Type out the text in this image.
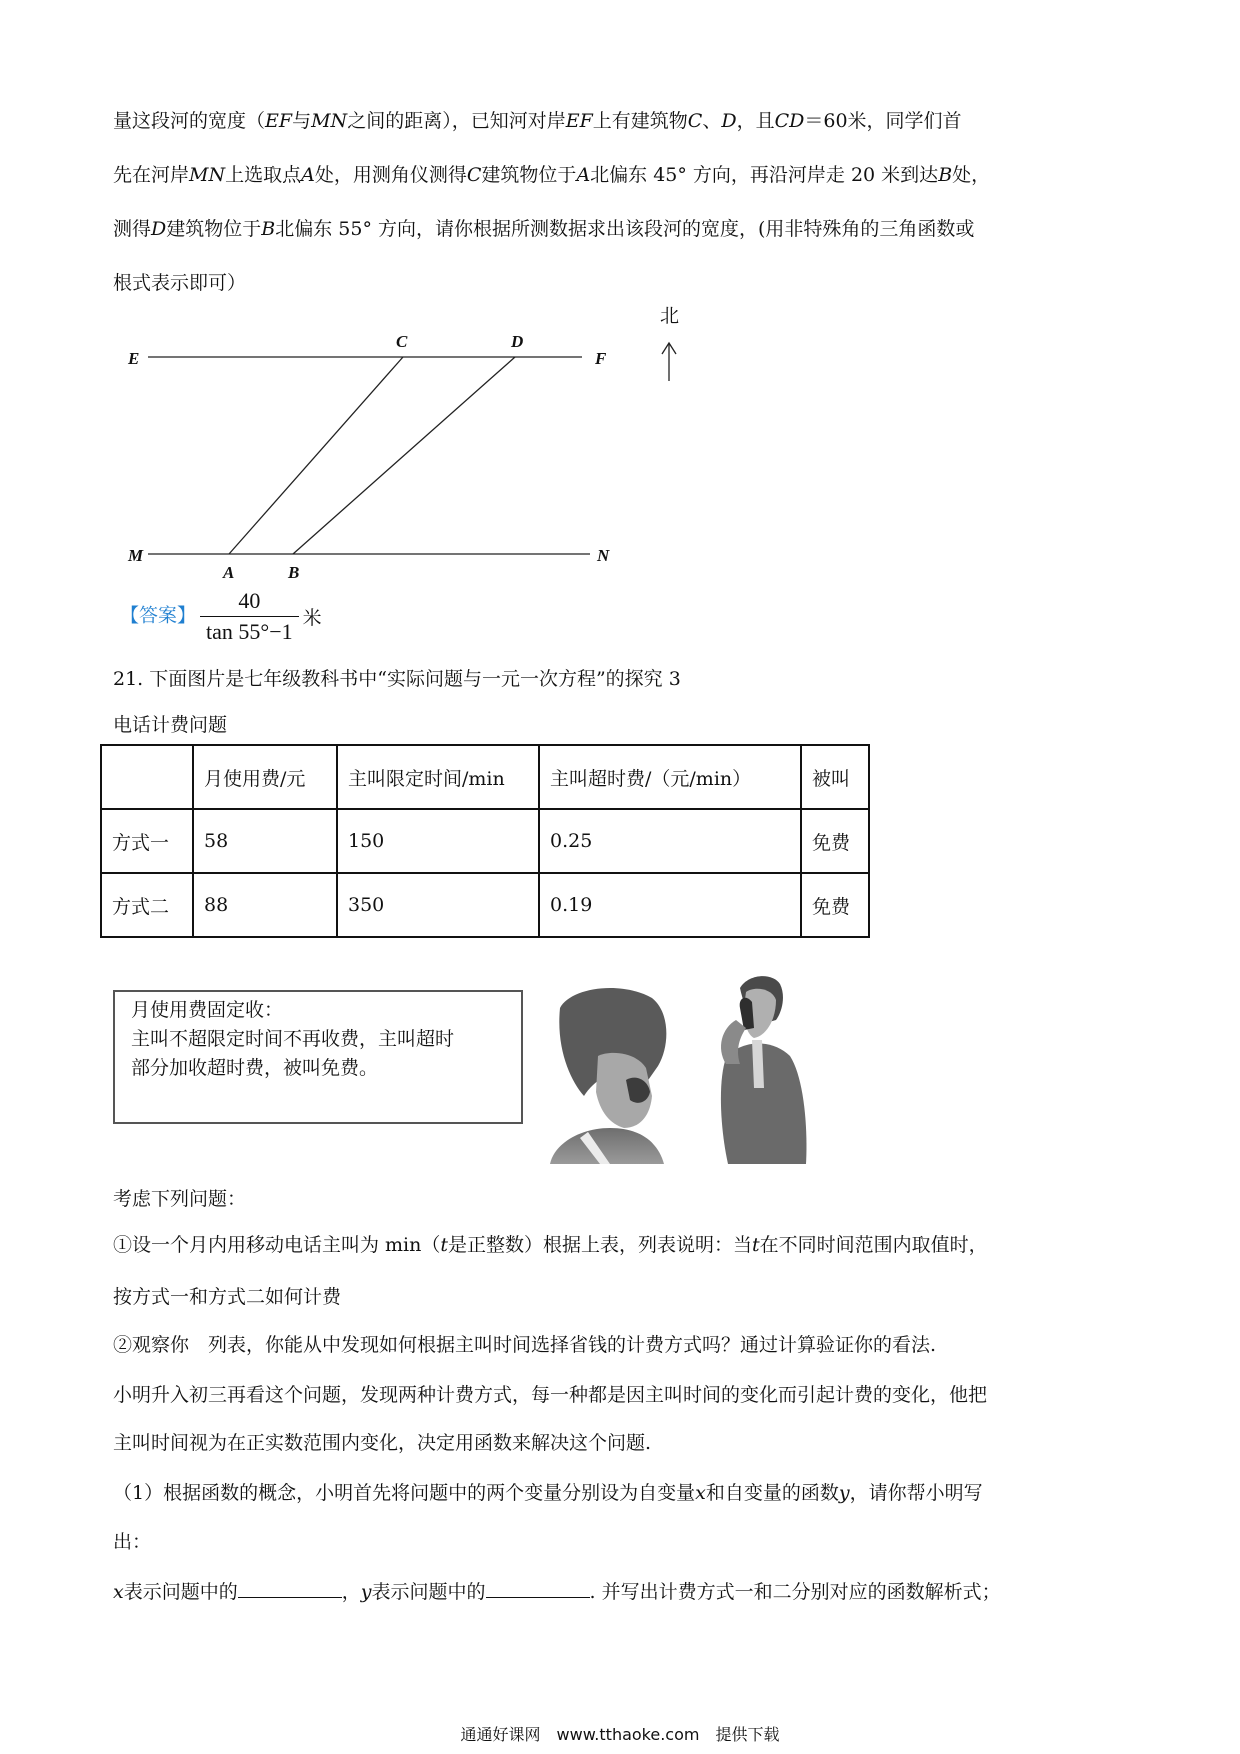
量这段河的宽度（EF与MN之间的距离），已知河对岸EF上有建筑物C、D，且CD＝60米，同学们首
先在河岸MN上选取点A处，用测角仪测得C建筑物位于A北偏东 45° 方向，再沿河岸走 20 米到达B处，
测得D建筑物位于B北偏东 55° 方向，请你根据所测数据求出该段河的宽度，(用非特殊角的三角函数或
根式表示即可）
E	F
C	D
M	N
A	B
北
【答案】 $\frac{40}{\tan 55^\circ-1}$ 米
21. 下面图片是七年级教科书中“实际问题与一元一次方程”的探究 3
电话计费问题
	月使用费/元	主叫限定时间/min	主叫超时费/（元/min）	被叫
方式一	58	150	0.25	免费
方式二	88	350	0.19	免费
月使用费固定收：
主叫不超限定时间不再收费，主叫超时
部分加收超时费，被叫免费。
考虑下列问题：
①设一个月内用移动电话主叫为 min（t是正整数）根据上表，列表说明：当t在不同时间范围内取值时，
按方式一和方式二如何计费
②观察你　列表，你能从中发现如何根据主叫时间选择省钱的计费方式吗？通过计算验证你的看法.
小明升入初三再看这个问题，发现两种计费方式，每一种都是因主叫时间的变化而引起计费的变化，他把
主叫时间视为在正实数范围内变化，决定用函数来解决这个问题.
（1）根据函数的概念，小明首先将问题中的两个变量分别设为自变量x和自变量的函数y，请你帮小明写
出：
x表示问题中的	，y表示问题中的	. 并写出计费方式一和二分别对应的函数解析式；
通通好课网　www.tthaoke.com　提供下载
